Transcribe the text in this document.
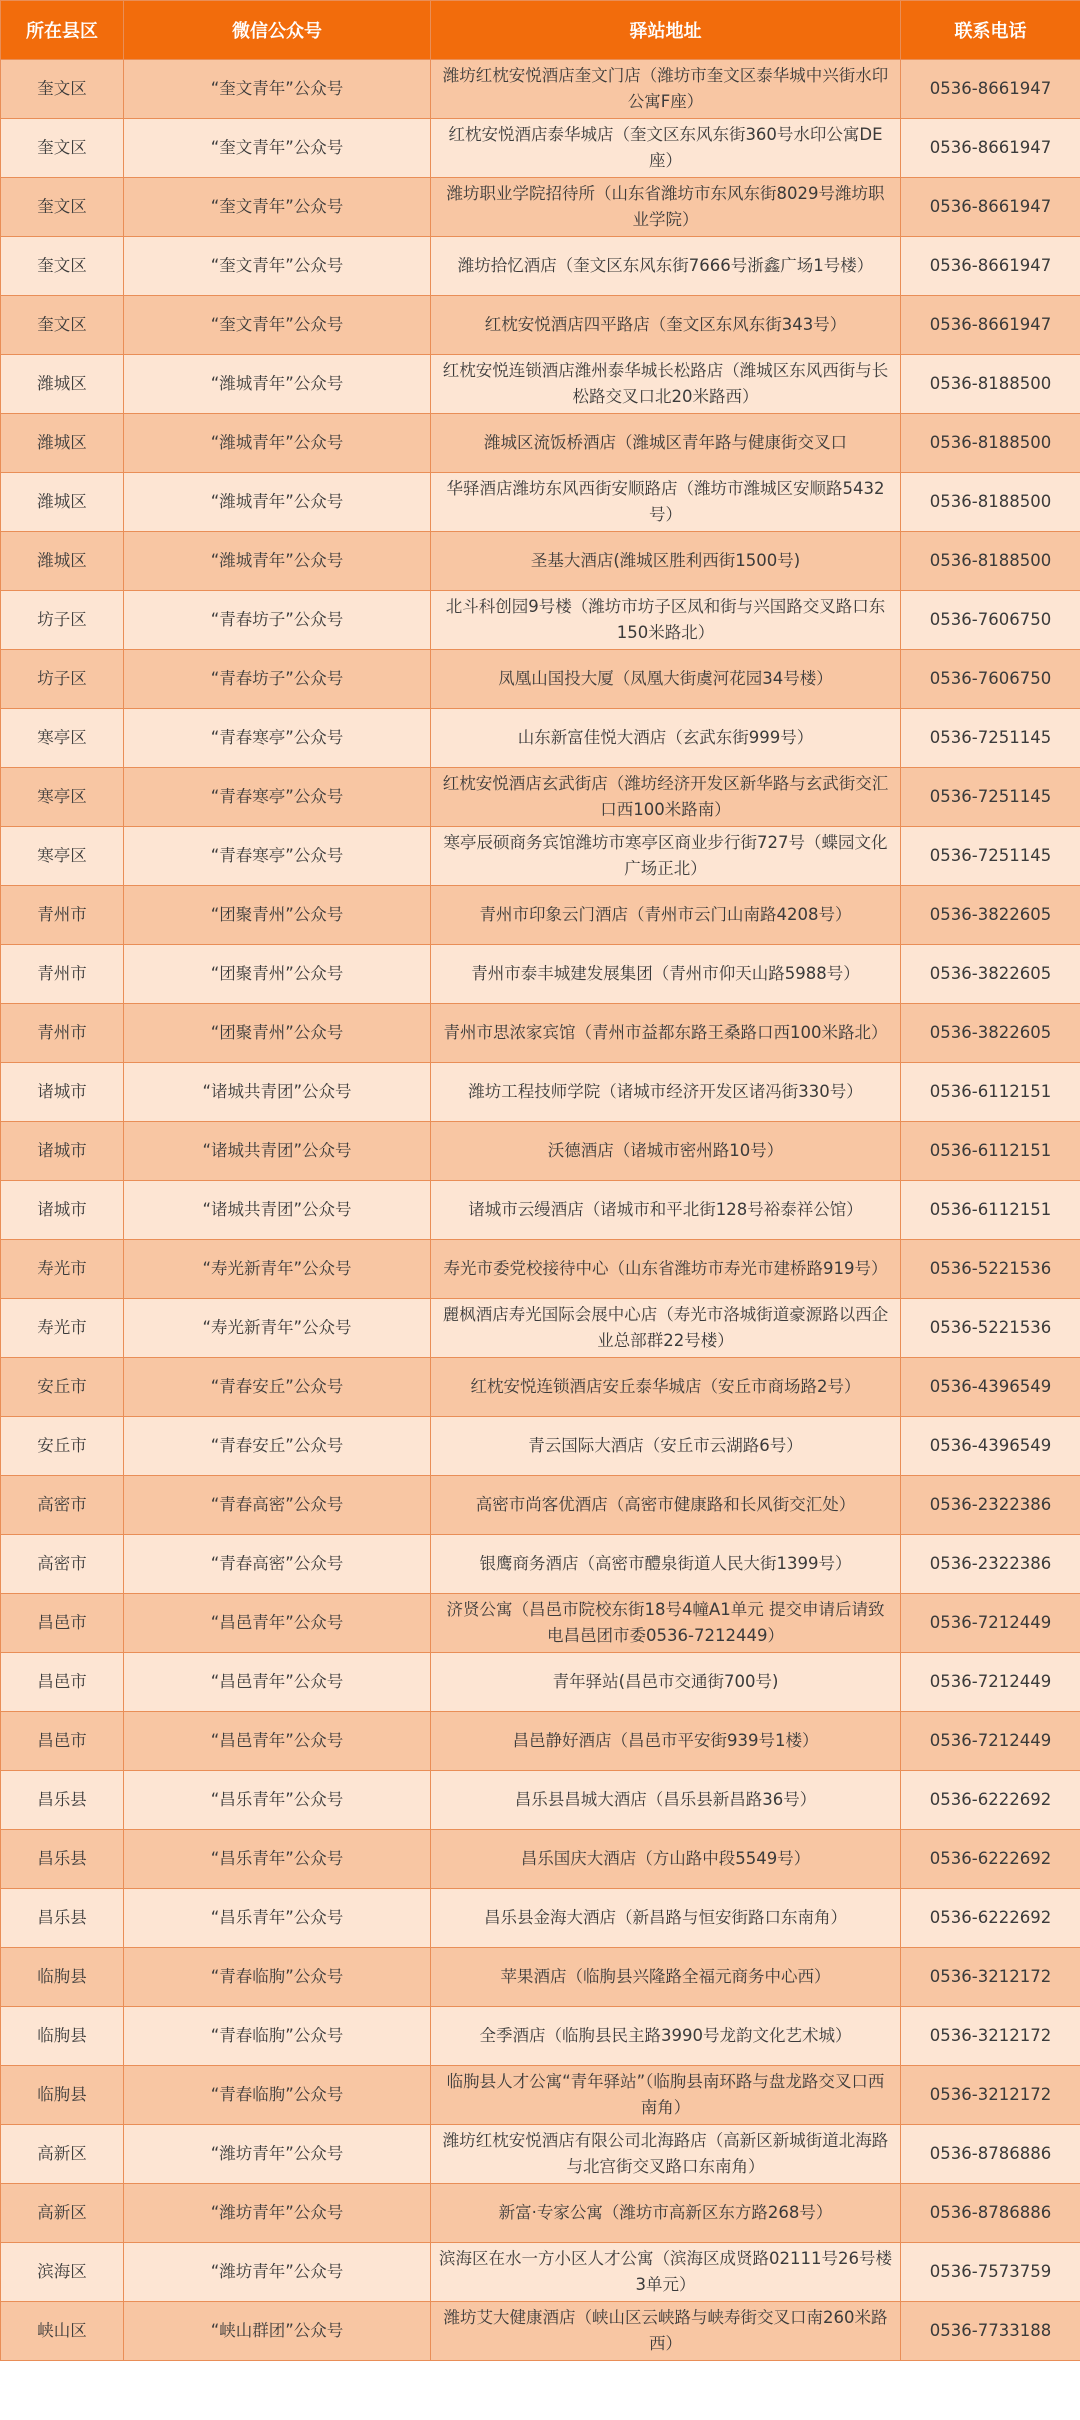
所在县区	微信公众号	驿站地址	联系电话
奎文区	“奎文青年”公众号	潍坊红枕安悦酒店奎文门店（潍坊市奎文区泰华城中兴街水印公寓F座）	0536-8661947
奎文区	“奎文青年”公众号	红枕安悦酒店泰华城店（奎文区东风东街360号水印公寓DE座）	0536-8661947
奎文区	“奎文青年”公众号	潍坊职业学院招待所（山东省潍坊市东风东街8029号潍坊职业学院）	0536-8661947
奎文区	“奎文青年”公众号	潍坊拾忆酒店（奎文区东风东街7666号浙鑫广场1号楼）	0536-8661947
奎文区	“奎文青年”公众号	红枕安悦酒店四平路店（奎文区东风东街343号）	0536-8661947
潍城区	“潍城青年”公众号	红枕安悦连锁酒店潍州泰华城长松路店（潍城区东风西街与长松路交叉口北20米路西）	0536-8188500
潍城区	“潍城青年”公众号	潍城区流饭桥酒店（潍城区青年路与健康街交叉口	0536-8188500
潍城区	“潍城青年”公众号	华驿酒店潍坊东风西街安顺路店（潍坊市潍城区安顺路5432号）	0536-8188500
潍城区	“潍城青年”公众号	圣基大酒店(潍城区胜利西街1500号)	0536-8188500
坊子区	“青春坊子”公众号	北斗科创园9号楼（潍坊市坊子区凤和街与兴国路交叉路口东150米路北）	0536-7606750
坊子区	“青春坊子”公众号	凤凰山国投大厦（凤凰大街虞河花园34号楼）	0536-7606750
寒亭区	“青春寒亭”公众号	山东新富佳悦大酒店（玄武东街999号）	0536-7251145
寒亭区	“青春寒亭”公众号	红枕安悦酒店玄武街店（潍坊经济开发区新华路与玄武街交汇口西100米路南）	0536-7251145
寒亭区	“青春寒亭”公众号	寒亭辰硕商务宾馆潍坊市寒亭区商业步行街727号（蝶园文化广场正北）	0536-7251145
青州市	“团聚青州”公众号	青州市印象云门酒店（青州市云门山南路4208号）	0536-3822605
青州市	“团聚青州”公众号	青州市泰丰城建发展集团（青州市仰天山路5988号）	0536-3822605
青州市	“团聚青州”公众号	青州市思浓家宾馆（青州市益都东路王桑路口西100米路北）	0536-3822605
诸城市	“诸城共青团”公众号	潍坊工程技师学院（诸城市经济开发区诸冯街330号）	0536-6112151
诸城市	“诸城共青团”公众号	沃德酒店（诸城市密州路10号）	0536-6112151
诸城市	“诸城共青团”公众号	诸城市云缦酒店（诸城市和平北街128号裕泰祥公馆）	0536-6112151
寿光市	“寿光新青年”公众号	寿光市委党校接待中心（山东省潍坊市寿光市建桥路919号）	0536-5221536
寿光市	“寿光新青年”公众号	麗枫酒店寿光国际会展中心店（寿光市洛城街道豪源路以西企业总部群22号楼）	0536-5221536
安丘市	“青春安丘”公众号	红枕安悦连锁酒店安丘泰华城店（安丘市商场路2号）	0536-4396549
安丘市	“青春安丘”公众号	青云国际大酒店（安丘市云湖路6号）	0536-4396549
高密市	“青春高密”公众号	高密市尚客优酒店（高密市健康路和长风街交汇处）	0536-2322386
高密市	“青春高密”公众号	银鹰商务酒店（高密市醴泉街道人民大街1399号）	0536-2322386
昌邑市	“昌邑青年”公众号	济贤公寓（昌邑市院校东街18号4幢A1单元 提交申请后请致电昌邑团市委0536-7212449）	0536-7212449
昌邑市	“昌邑青年”公众号	青年驿站(昌邑市交通街700号)	0536-7212449
昌邑市	“昌邑青年”公众号	昌邑静好酒店（昌邑市平安街939号1楼）	0536-7212449
昌乐县	“昌乐青年”公众号	昌乐县昌城大酒店（昌乐县新昌路36号）	0536-6222692
昌乐县	“昌乐青年”公众号	昌乐国庆大酒店（方山路中段5549号）	0536-6222692
昌乐县	“昌乐青年”公众号	昌乐县金海大酒店（新昌路与恒安街路口东南角）	0536-6222692
临朐县	“青春临朐”公众号	苹果酒店（临朐县兴隆路全福元商务中心西）	0536-3212172
临朐县	“青春临朐”公众号	全季酒店（临朐县民主路3990号龙韵文化艺术城）	0536-3212172
临朐县	“青春临朐”公众号	临朐县人才公寓“青年驿站”（临朐县南环路与盘龙路交叉口西南角）	0536-3212172
高新区	“潍坊青年”公众号	潍坊红枕安悦酒店有限公司北海路店（高新区新城街道北海路与北宫街交叉路口东南角）	0536-8786886
高新区	“潍坊青年”公众号	新富·专家公寓（潍坊市高新区东方路268号）	0536-8786886
滨海区	“潍坊青年”公众号	滨海区在水一方小区人才公寓（滨海区成贤路02111号26号楼3单元）	0536-7573759
峡山区	“峡山群团”公众号	潍坊艾大健康酒店（峡山区云峡路与峡寿街交叉口南260米路西）	0536-7733188
